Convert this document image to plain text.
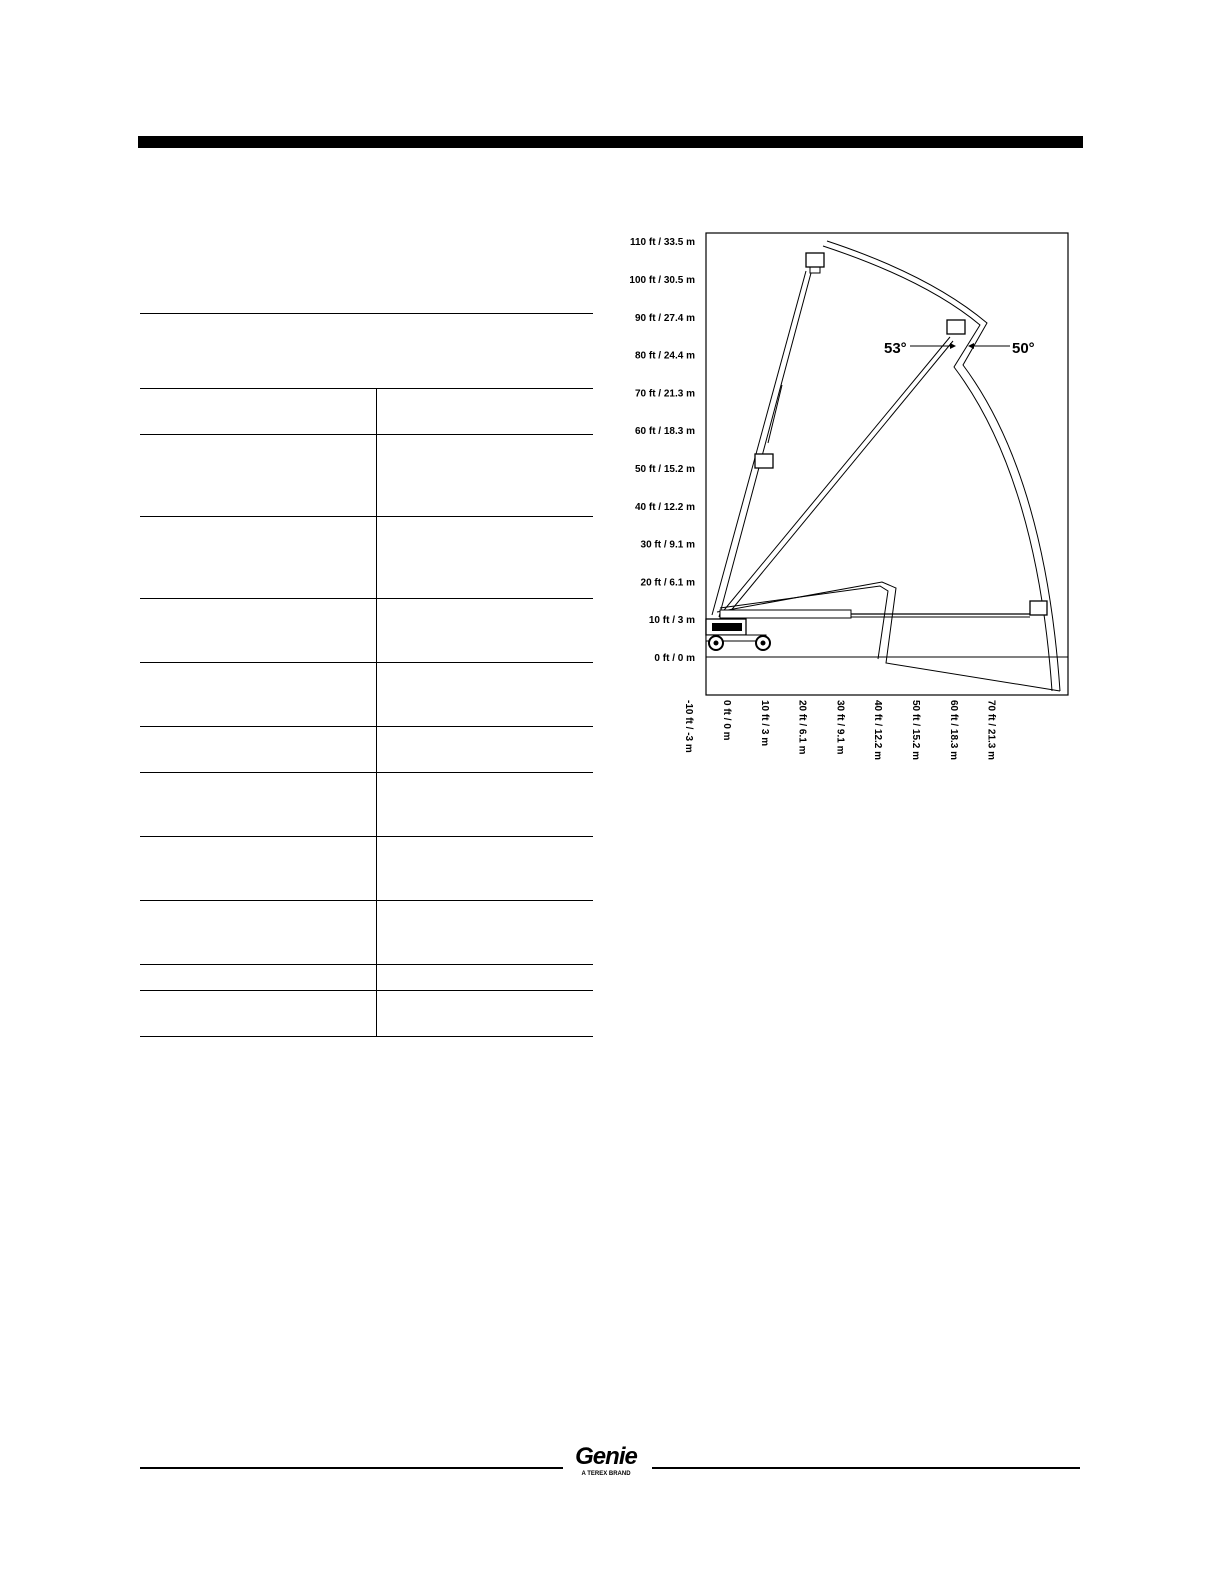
110 ft / 33.5 m
100 ft / 30.5 m
90 ft / 27.4 m
80 ft / 24.4 m
70 ft / 21.3 m
60 ft / 18.3 m
50 ft / 15.2 m
40 ft / 12.2 m
30 ft / 9.1 m
20 ft / 6.1 m
10 ft / 3 m
0 ft / 0 m
-10 ft / -3 m	0 ft / 0 m	10 ft / 3 m	20 ft / 6.1 m	30 ft / 9.1 m	40 ft / 12.2 m	50 ft / 15.2 m	60 ft / 18.3 m	70 ft / 21.3 m
53°	50°
Genie
A TEREX BRAND
